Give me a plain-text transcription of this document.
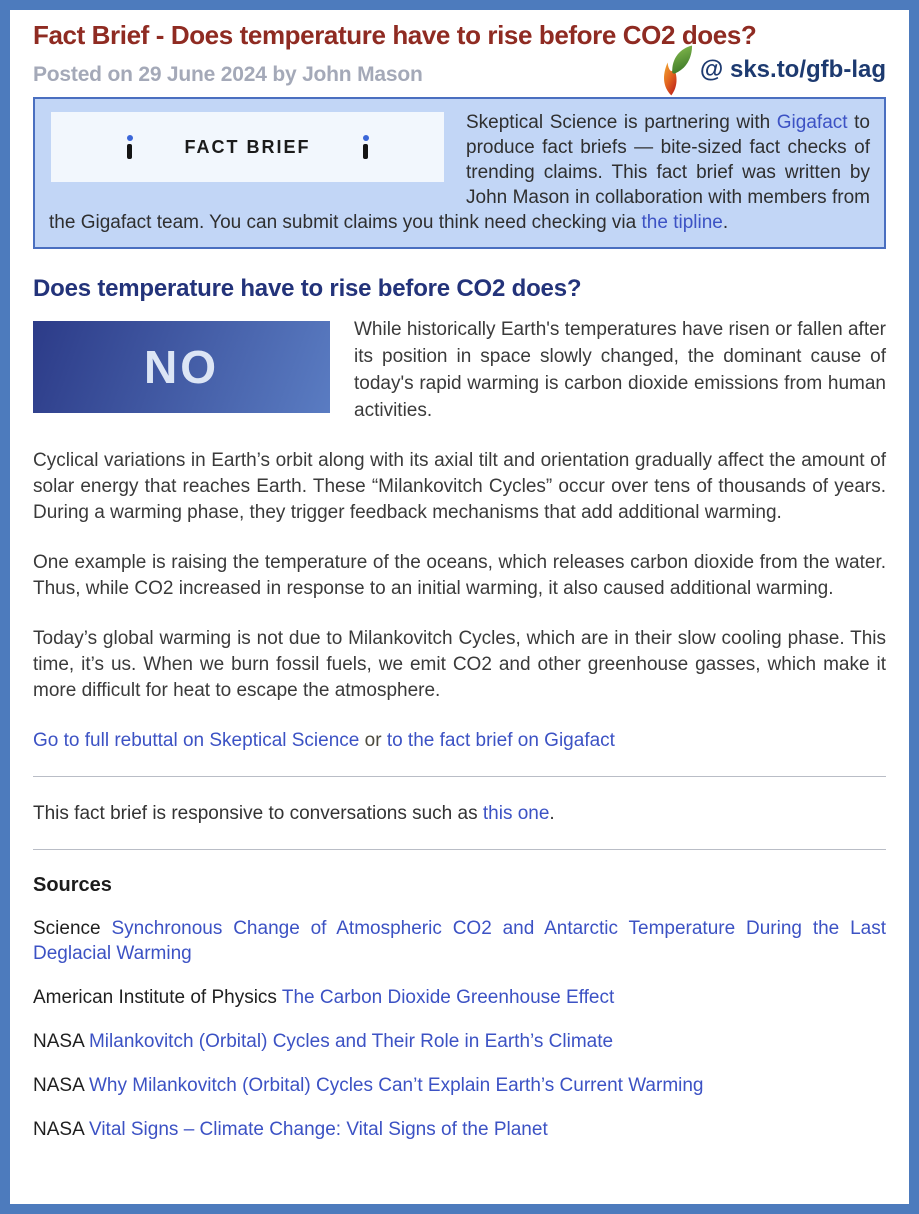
Fact Brief - Does temperature have to rise before CO2 does?
@ sks.to/gfb-lag
Posted on 29 June 2024 by John Mason
FACT BRIEF

Skeptical Science is partnering with Gigafact to produce fact briefs — bite-sized fact checks of trending claims. This fact brief was written by John Mason in collaboration with members from the Gigafact team. You can submit claims you think need checking via the tipline.

Does temperature have to rise before CO2 does?
NO

While historically Earth's temperatures have risen or fallen after its position in space slowly changed, the dominant cause of today's rapid warming is carbon dioxide emissions from human activities.

Cyclical variations in Earth’s orbit along with its axial tilt and orientation gradually affect the amount of solar energy that reaches Earth. These “Milankovitch Cycles” occur over tens of thousands of years. During a warming phase, they trigger feedback mechanisms that add additional warming.

One example is raising the temperature of the oceans, which releases carbon dioxide from the water. Thus, while CO2 increased in response to an initial warming, it also caused additional warming.

Today’s global warming is not due to Milankovitch Cycles, which are in their slow cooling phase. This time, it’s us. When we burn fossil fuels, we emit CO2 and other greenhouse gasses, which make it more difficult for heat to escape the atmosphere.

Go to full rebuttal on Skeptical Science or to the fact brief on Gigafact

This fact brief is responsive to conversations such as this one.

Sources
Science Synchronous Change of Atmospheric CO2 and Antarctic Temperature During the Last Deglacial Warming
American Institute of Physics The Carbon Dioxide Greenhouse Effect
NASA Milankovitch (Orbital) Cycles and Their Role in Earth’s Climate
NASA Why Milankovitch (Orbital) Cycles Can’t Explain Earth’s Current Warming
NASA Vital Signs – Climate Change: Vital Signs of the Planet
